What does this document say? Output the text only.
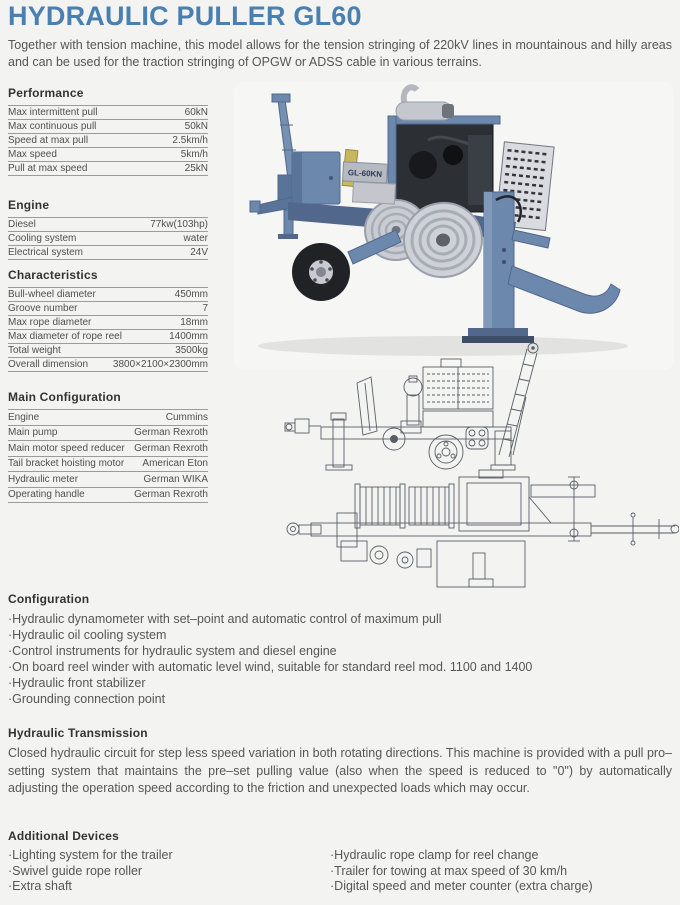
HYDRAULIC PULLER GL60

Together with tension machine, this model allows for the tension stringing of 220kV lines in mountainous and hilly areas and can be used for the traction stringing of OPGW or ADSS cable in various terrains.

Performance
Max intermittent pull	60kN
Max continuous pull	50kN
Speed at max pull	2.5km/h
Max speed	5km/h
Pull at max speed	25kN
Engine
Diesel	77kw(103hp)
Cooling system	water
Electrical system	24V
Characteristics
Bull-wheel diameter	450mm
Groove number	7
Max rope diameter	18mm
Max diameter of rope reel	1400mm
Total weight	3500kg
Overall dimension 3800×2100×2300mm
Main Configuration
Engine	Cummins
Main pump	German Rexroth
Main motor speed reducer German Rexroth
Tail bracket hoisting motor American Eton
Hydraulic meter	German WIKA
Operating handle	German Rexroth
GL-60KN
Configuration
·Hydraulic dynamometer with set–point and automatic control of maximum pull
·Hydraulic oil cooling system
·Control instruments for hydraulic system and diesel engine
·On board reel winder with automatic level wind, suitable for standard reel mod. 1100 and 1400
·Hydraulic front stabilizer
·Grounding connection point
Hydraulic Transmission

Closed hydraulic circuit for step less speed variation in both rotating directions. This machine is provided with a pull pro–setting system that maintains the pre–set pulling value (also when the speed is reduced to "0") by automatically adjusting the operation speed according to the friction and unexpected loads which may occur.

Additional Devices
·Lighting system for the trailer
·Swivel guide rope roller
·Extra shaft
·Hydraulic rope clamp for reel change
·Trailer for towing at max speed of 30 km/h
·Digital speed and meter counter (extra charge)
